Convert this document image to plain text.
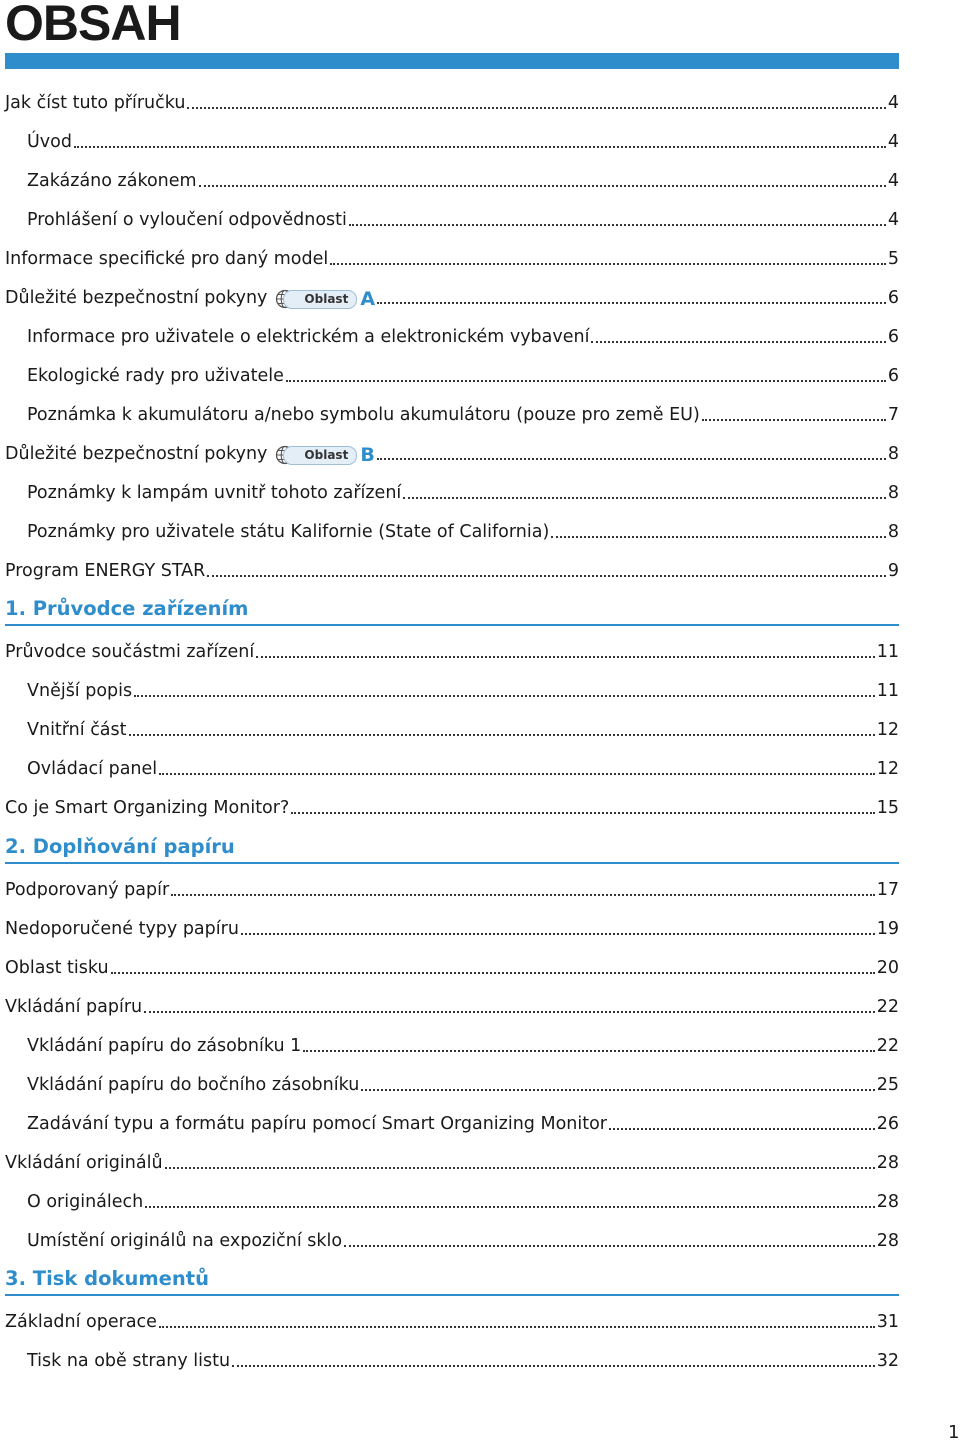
OBSAH
Jak číst tuto příručku	4
Úvod	4
Zakázáno zákonem	4
Prohlášení o vyloučení odpovědnosti	4
Informace specifické pro daný model	5
Důležité bezpečnostní pokyny	Oblast A	6
Informace pro uživatele o elektrickém a elektronickém vybavení	6
Ekologické rady pro uživatele	6
Poznámka k akumulátoru a/nebo symbolu akumulátoru (pouze pro země EU)	7
Důležité bezpečnostní pokyny	Oblast B	8
Poznámky k lampám uvnitř tohoto zařízení	8
Poznámky pro uživatele státu Kalifornie (State of California)	8
Program ENERGY STAR	9
1. Průvodce zařízením
Průvodce součástmi zařízení	11
Vnější popis	11
Vnitřní část	12
Ovládací panel	12
Co je Smart Organizing Monitor?	15
2. Doplňování papíru
Podporovaný papír	17
Nedoporučené typy papíru	19
Oblast tisku	20
Vkládání papíru	22
Vkládání papíru do zásobníku 1	22
Vkládání papíru do bočního zásobníku	25
Zadávání typu a formátu papíru pomocí Smart Organizing Monitor	26
Vkládání originálů	28
O originálech	28
Umístění originálů na expoziční sklo	28
3. Tisk dokumentů
Základní operace	31
Tisk na obě strany listu	32
1
